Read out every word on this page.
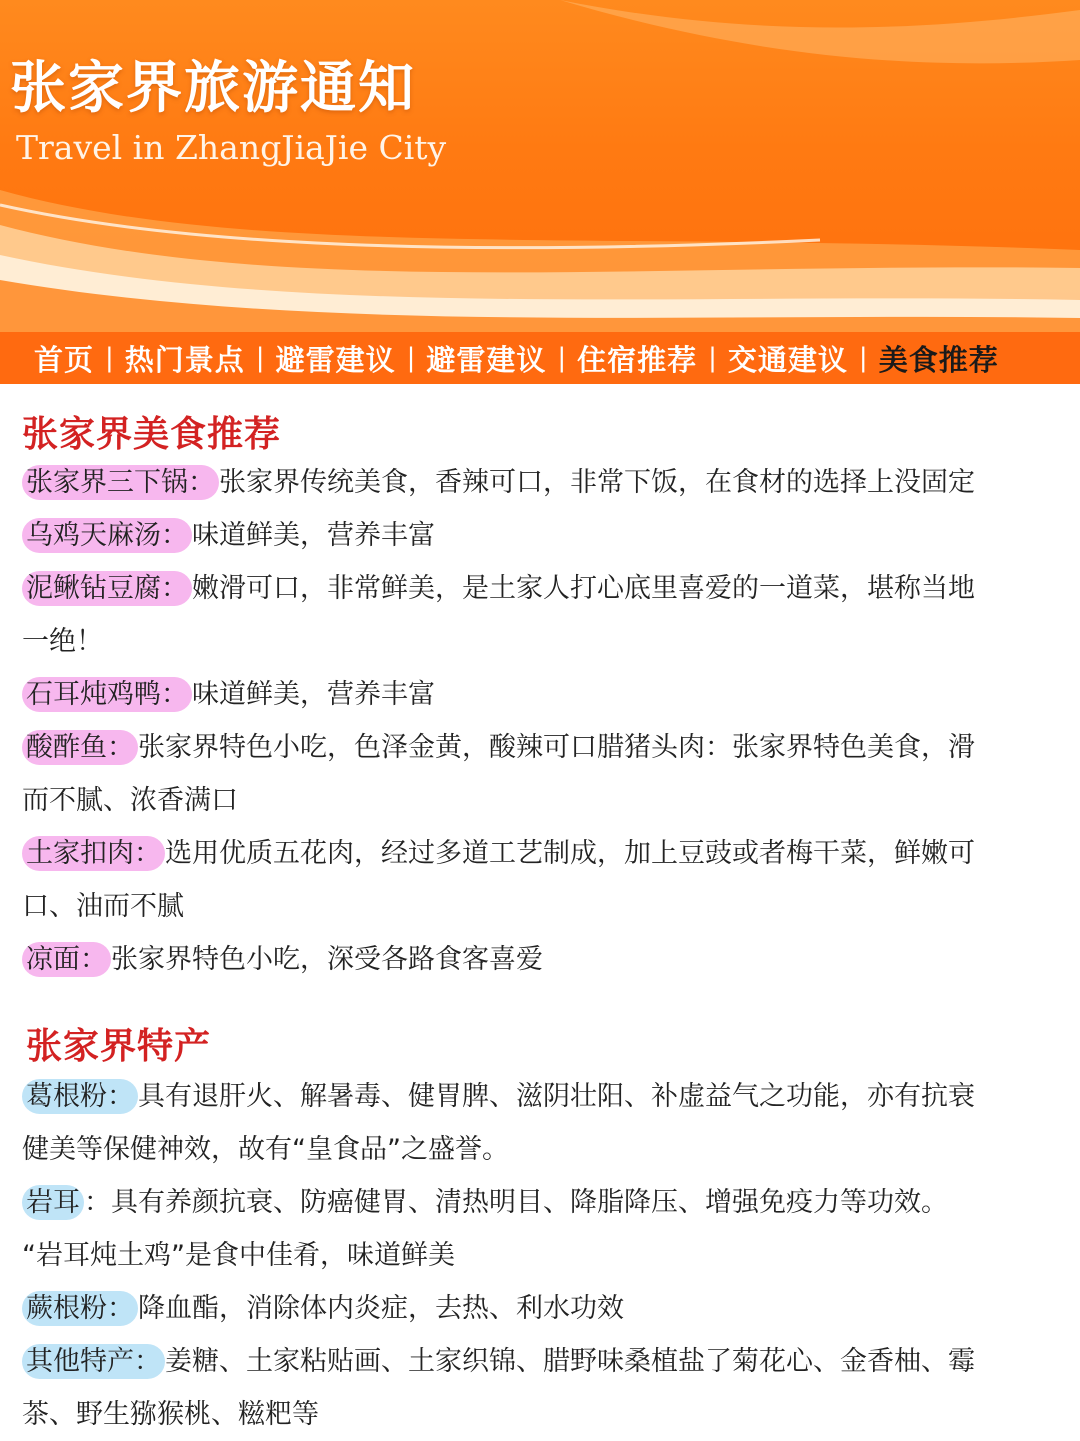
张家界旅游通知
Travel in ZhangJiaJie City
首页 | 热门景点 | 避雷建议 | 避雷建议 | 住宿推荐 | 交通建议 | 美食推荐
张家界美食推荐
张家界三下锅： 张家界传统美食，香辣可口，非常下饭，在食材的选择上没固定
乌鸡天麻汤： 味道鲜美，营养丰富
泥鳅钻豆腐： 嫩滑可口，非常鲜美，是土家人打心底里喜爱的一道菜，堪称当地
一绝！
石耳炖鸡鸭： 味道鲜美，营养丰富
酸酢鱼： 张家界特色小吃，色泽金黄，酸辣可口腊猪头肉：张家界特色美食，滑
而不腻、浓香满口
土家扣肉： 选用优质五花肉，经过多道工艺制成，加上豆豉或者梅干菜，鲜嫩可
口、油而不腻
凉面： 张家界特色小吃，深受各路食客喜爱
张家界特产
葛根粉： 具有退肝火、解暑毒、健胃脾、滋阴壮阳、补虚益气之功能，亦有抗衰
健美等保健神效，故有“皇食品”之盛誉。
岩耳 ：具有养颜抗衰、防癌健胃、清热明目、降脂降压、增强免疫力等功效。
“岩耳炖土鸡”是食中佳肴，味道鲜美
蕨根粉： 降血酯，消除体内炎症，去热、利水功效
其他特产： 姜糖、土家粘贴画、土家织锦、腊野味桑植盐了菊花心、金香柚、霉
茶、野生猕猴桃、糍粑等
